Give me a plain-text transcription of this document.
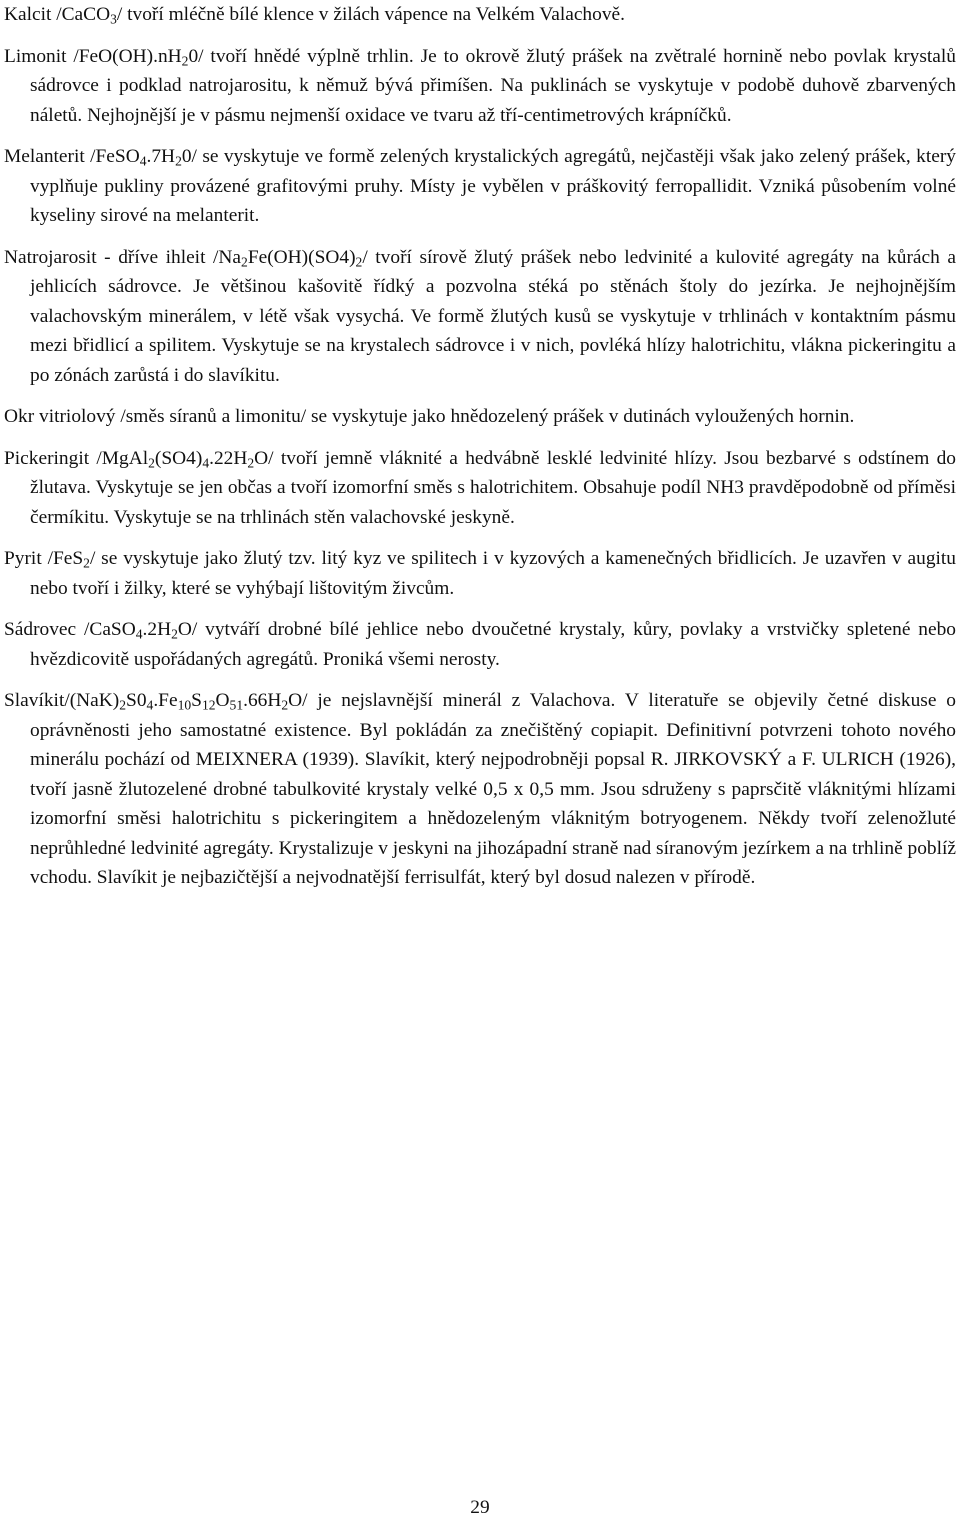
Kalcit /CaCO$_3$/ tvoří mléčně bílé klence v žilách vápence na Velkém Valachově.

Limonit $/FeO(OH).nH_20/$ tvoří hnědé výplně trhlin. Je to okrově žlutý prášek na zvětralé hornině nebo povlak krystalů sádrovce i podklad natrojarositu, k němuž bývá přimíšen. Na puklinách se vyskytuje v podobě duhově zbarvených náletů. Nejhojnější je v pásmu nejmenší oxidace ve tvaru až tří-centimetrových krápníčků.

Melanterit $/FeSO_4.7H_20/$ se vyskytuje ve formě zelených krystalických agregátů, nejčastěji však jako zelený prášek, který vyplňuje pukliny provázené grafitovými pruhy. Místy je vybělen v práškovitý ferropallidit. Vzniká působením volné kyseliny sirové na melanterit.

Natrojarosit - dříve ihleit $/Na_2Fe(OH)(SO4)_2/$ tvoří sírově žlutý prášek nebo ledvinité a kulovité agregáty na kůrách a jehlicích sádrovce. Je většinou kašovitě řídký a pozvolna stéká po stěnách štoly do jezírka. Je nejhojnějším valachovským minerálem, v létě však vysychá. Ve formě žlutých kusů se vyskytuje v trhlinách v kontaktním pásmu mezi břidlicí a spilitem. Vyskytuje se na krystalech sádrovce i v nich, povléká hlízy halotrichitu, vlákna pickeringitu a po zónách zarůstá i do slavíkitu.

Okr vitriolový /směs síranů a limonitu/ se vyskytuje jako hnědozelený prášek v dutinách vyloužených hornin.

Pickeringit $/MgAl_2(SO4)_4.22H_2O/$ tvoří jemně vláknité a hedvábně lesklé ledvinité hlízy. Jsou bezbarvé s odstínem do žlutava. Vyskytuje se jen občas a tvoří izomorfní směs s halotrichitem. Obsahuje podíl NH3 pravděpodobně od příměsi čermíkitu. Vyskytuje se na trhlinách stěn valachovské jeskyně.

Pyrit /FeS$_2$/ se vyskytuje jako žlutý tzv. litý kyz ve spilitech i v kyzových a kamenečných břidlicích. Je uzavřen v augitu nebo tvoří i žilky, které se vyhýbají lištovitým živcům.

Sádrovec $/CaSO_4.2H_2O/$ vytváří drobné bílé jehlice nebo dvoučetné krystaly, kůry, povlaky a vrstvičky spletené nebo hvězdicovitě uspořádaných agregátů. Proniká všemi nerosty.

Slavíkit/$(NaK)_2S0_4.Fe_{10}S_{12}O_{51}.66H_2O/$ je nejslavnější minerál z Valachova. V literatuře se objevily četné diskuse o oprávněnosti jeho samostatné existence. Byl pokládán za znečištěný copiapit. Definitivní potvrzeni tohoto nového minerálu pochází od MEIXNERA (1939). Slavíkit, který nejpodrobněji popsal R. JIRKOVSKÝ a F. ULRICH (1926), tvoří jasně žlutozelené drobné tabulkovité krystaly velké 0,5 x 0,5 mm. Jsou sdruženy s paprsčitě vláknitými hlízami izomorfní směsi halotrichitu s pickeringitem a hnědozeleným vláknitým botryogenem. Někdy tvoří zelenožluté neprůhledné ledvinité agregáty. Krystalizuje v jeskyni na jihozápadní straně nad síranovým jezírkem a na trhlině poblíž vchodu. Slavíkit je nejbazičtější a nejvodnatější ferrisulfát, který byl dosud nalezen v přírodě.

29
